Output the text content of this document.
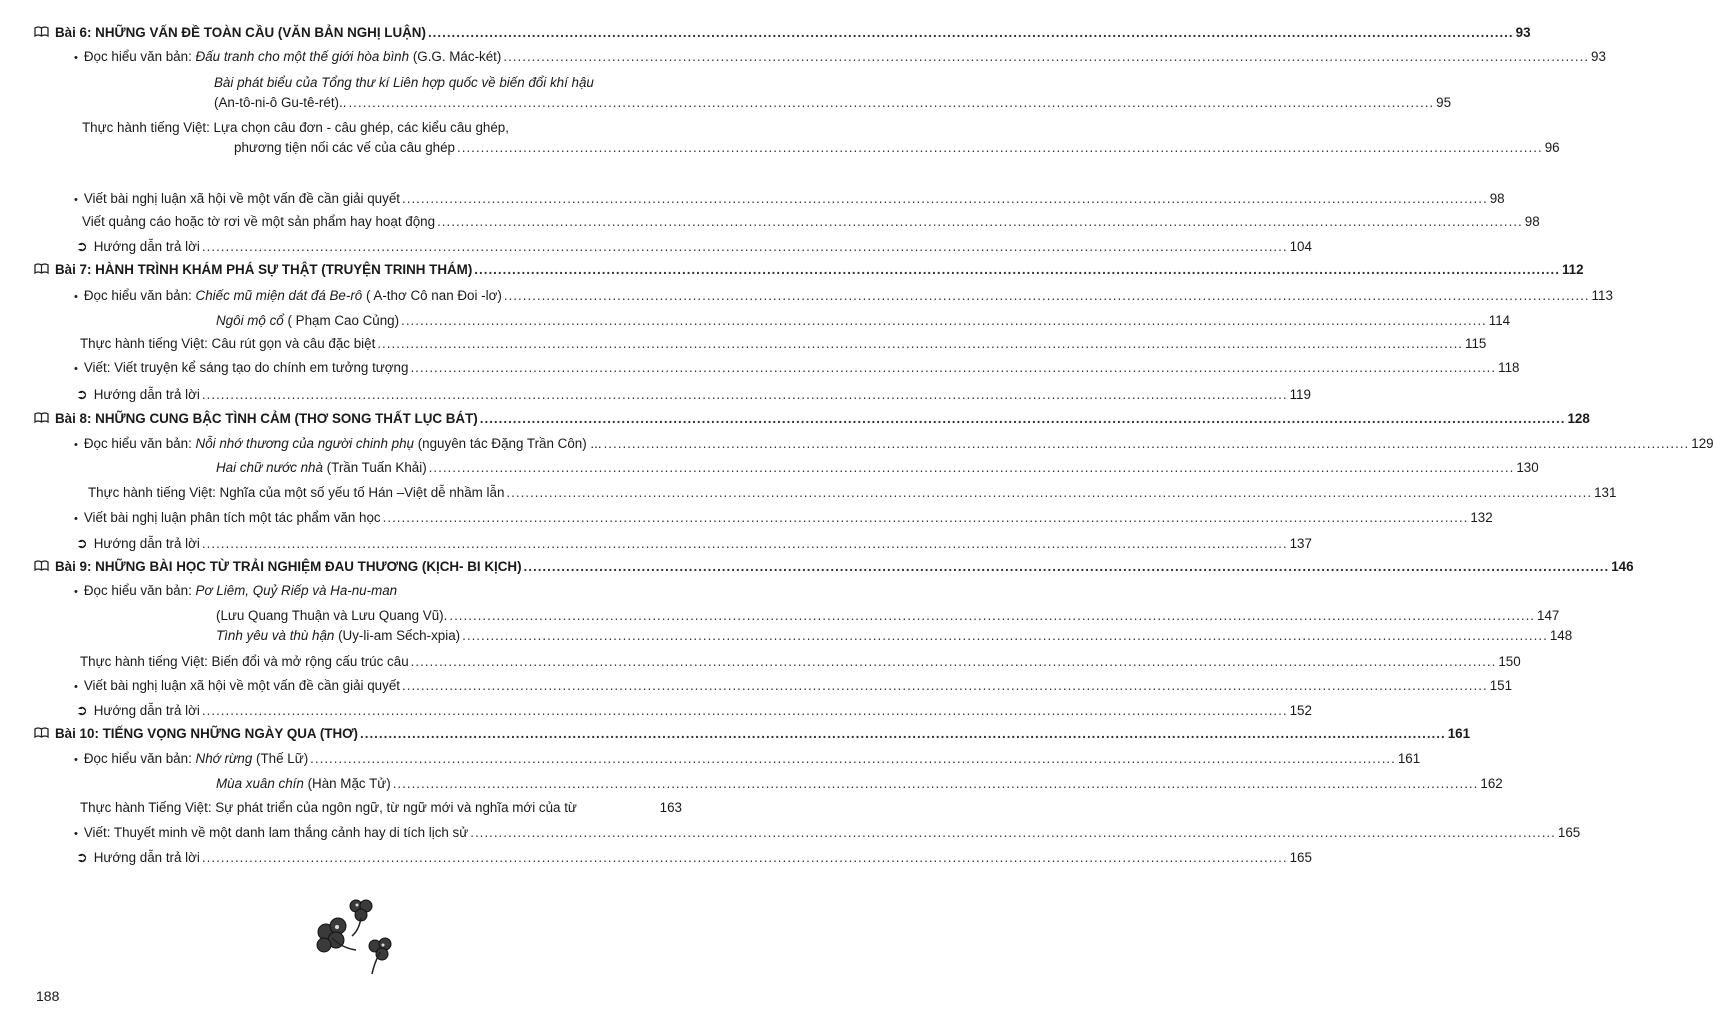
Bài 6: NHỮNG VẤN ĐỀ TOÀN CẦU (VĂN BẢN NGHỊ LUẬN) .....	93
• Đọc hiểu văn bản: Đấu tranh cho một thế giới hòa bình (G.G. Mác-két) .....	93
Bài phát biểu của Tổng thư kí Liên hợp quốc về biến đổi khí hậu
(An-tô-ni-ô Gu-tê-rét).. .....	95
Thực hành tiếng Việt: Lựa chọn câu đơn - câu ghép, các kiểu câu ghép,
phương tiện nối các vế của câu ghép .....	96
• Viết bài nghị luận xã hội về một vấn đề cần giải quyết .....	98
Viết quảng cáo hoặc tờ rơi về một sản phẩm hay hoạt động .....	98
➲ Hướng dẫn trả lời .....	104
Bài 7: HÀNH TRÌNH KHÁM PHÁ SỰ THẬT (TRUYỆN TRINH THÁM) .....	112
• Đọc hiểu văn bản: Chiếc mũ miện dát đá Be-rô ( A-thơ Cô nan Đoi -lơ) .....	113
Ngôi mộ cổ ( Phạm Cao Củng) .....	114
Thực hành tiếng Việt: Câu rút gọn và câu đặc biệt .....	115
• Viết: Viết truyện kể sáng tạo do chính em tưởng tượng .....	118
➲ Hướng dẫn trả lời .....	119
Bài 8: NHỮNG CUNG BẬC TÌNH CẢM (THƠ SONG THẤT LỤC BÁT) .....	128
• Đọc hiểu văn bản: Nỗi nhớ thương của người chinh phụ (nguyên tác Đặng Trần Côn) ... .....	129
Hai chữ nước nhà (Trần Tuấn Khải) .....	130
Thực hành tiếng Việt: Nghĩa của một số yếu tố Hán –Việt dễ nhầm lẫn .....	131
• Viết bài nghị luận phân tích một tác phẩm văn học .....	132
➲ Hướng dẫn trả lời .....	137
Bài 9: NHỮNG BÀI HỌC TỪ TRẢI NGHIỆM ĐAU THƯƠNG (KỊCH- BI KỊCH) .....	146
• Đọc hiểu văn bản: Pơ Liêm, Quỷ Riếp và Ha-nu-man
(Lưu Quang Thuận và Lưu Quang Vũ). .....	147
Tình yêu và thù hận (Uy-li-am Sếch-xpia) .....	148
Thực hành tiếng Việt: Biến đổi và mở rộng cấu trúc câu .....	150
• Viết bài nghị luận xã hội về một vấn đề cần giải quyết .....	151
➲ Hướng dẫn trả lời .....	152
Bài 10: TIẾNG VỌNG NHỮNG NGÀY QUA (THƠ) .....	161
• Đọc hiểu văn bản: Nhớ rừng (Thế Lữ) .....	161
Mùa xuân chín (Hàn Mặc Tử) .....	162
Thực hành Tiếng Việt: Sự phát triển của ngôn ngữ, từ ngữ mới và nghĩa mới của từ	163
• Viết: Thuyết minh về một danh lam thắng cảnh hay di tích lịch sử .....	165
➲ Hướng dẫn trả lời .....	165
188
